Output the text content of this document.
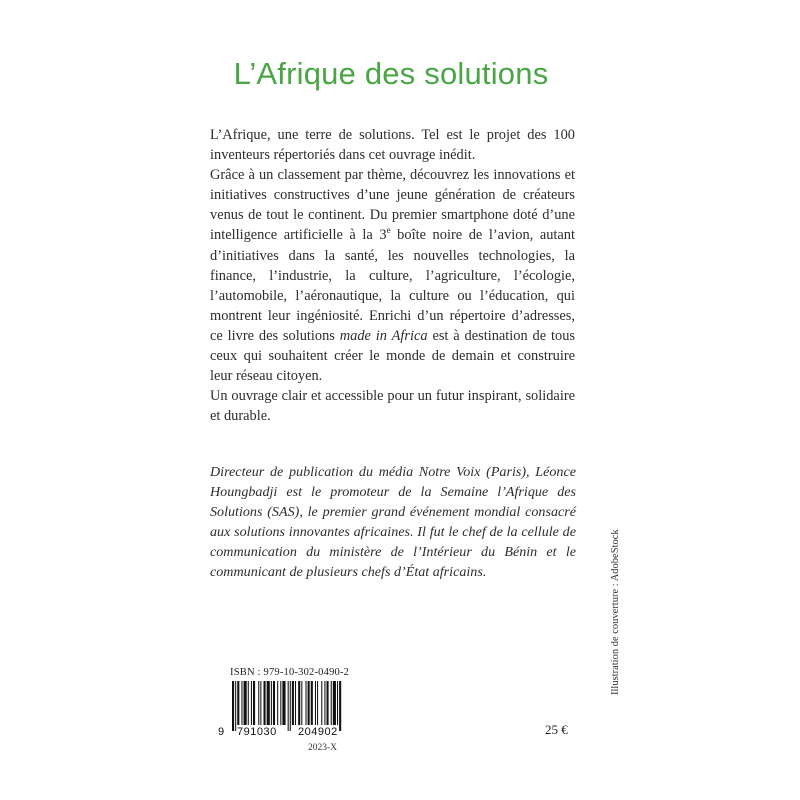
L’Afrique des solutions

L’Afrique, une terre de solutions. Tel est le projet des 100 inventeurs répertoriés dans cet ouvrage inédit.

Grâce à un classement par thème, découvrez les innovations et initiatives constructives d’une jeune génération de créateurs venus de tout le continent. Du premier smartphone doté d’une intelligence artificielle à la 3e boîte noire de l’avion, autant d’initiatives dans la santé, les nouvelles technologies, la finance, l’industrie, la culture, l’agriculture, l’écologie, l’automobile, l’aéronautique, la culture ou l’éducation, qui montrent leur ingéniosité. Enrichi d’un répertoire d’adresses, ce livre des solutions made in Africa est à destination de tous ceux qui souhaitent créer le monde de demain et construire leur réseau citoyen.

Un ouvrage clair et accessible pour un futur inspirant, solidaire et durable.

Directeur de publication du média Notre Voix (Paris), Léonce Houngbadji est le promoteur de la Semaine l’Afrique des Solutions (SAS), le premier grand événement mondial consacré aux solutions innovantes africaines. Il fut le chef de la cellule de communication du ministère de l’Intérieur du Bénin et le communicant de plusieurs chefs d’État africains.	Illustration de couverture : AdobeStock
ISBN : 979-10-302-0490-2
9 791030 204902
2023-X
25 €
